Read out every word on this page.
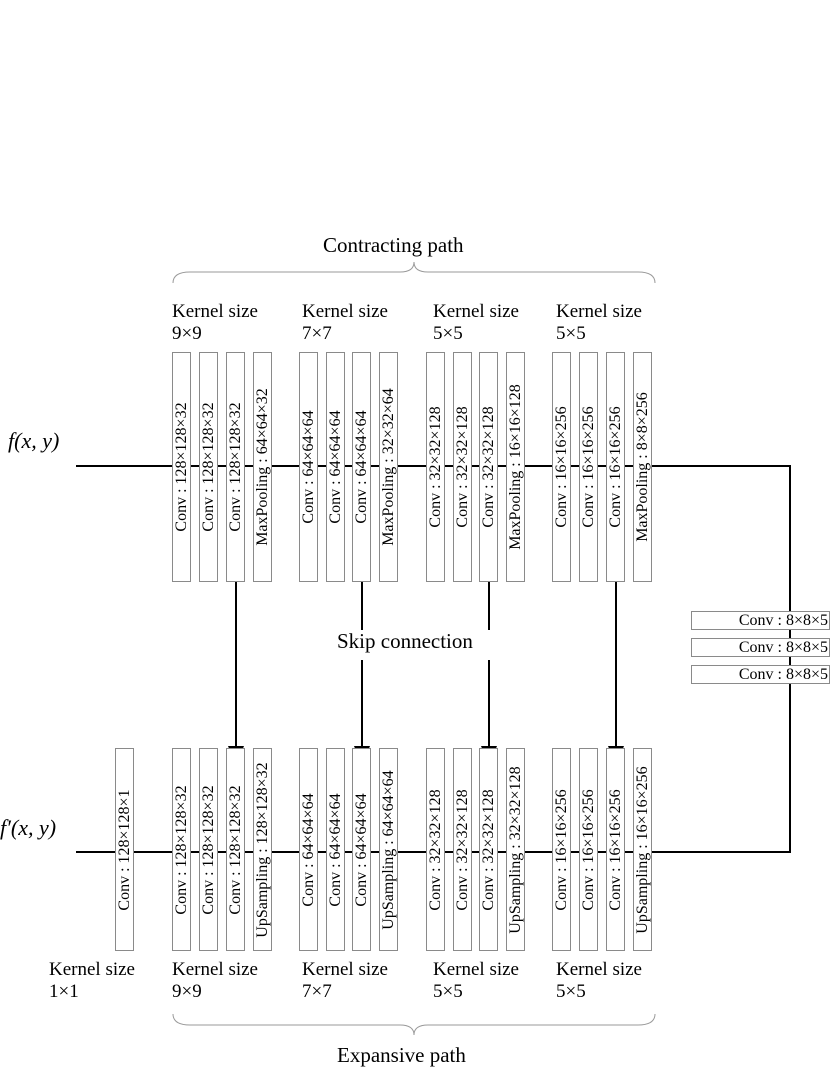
Contracting path
Expansive path
f(x, y)
f′(x, y)
Kernel size
9×9
Kernel size
7×7
Kernel size
5×5
Kernel size
5×5
Kernel size
1×1
Kernel size
9×9
Kernel size
7×7
Kernel size
5×5
Kernel size
5×5
Skip connection
Conv : 128×128×32 Conv : 128×128×32 Conv : 128×128×32 MaxPooling : 64×64×32 Conv : 64×64×64 Conv : 64×64×64 Conv : 64×64×64 MaxPooling : 32×32×64 Conv : 32×32×128 Conv : 32×32×128 Conv : 32×32×128 MaxPooling : 16×16×128 Conv : 16×16×256 Conv : 16×16×256 Conv : 16×16×256 MaxPooling : 8×8×256
Conv : 8×8×5
Conv : 8×8×5
Conv : 8×8×5
Conv : 128×128×1	Conv : 128×128×32 Conv : 128×128×32 Conv : 128×128×32 UpSampling : 128×128×32 Conv : 64×64×64 Conv : 64×64×64 Conv : 64×64×64 UpSampling : 64×64×64 Conv : 32×32×128 Conv : 32×32×128 Conv : 32×32×128 UpSampling : 32×32×128 Conv : 16×16×256 Conv : 16×16×256 Conv : 16×16×256 UpSampling : 16×16×256
